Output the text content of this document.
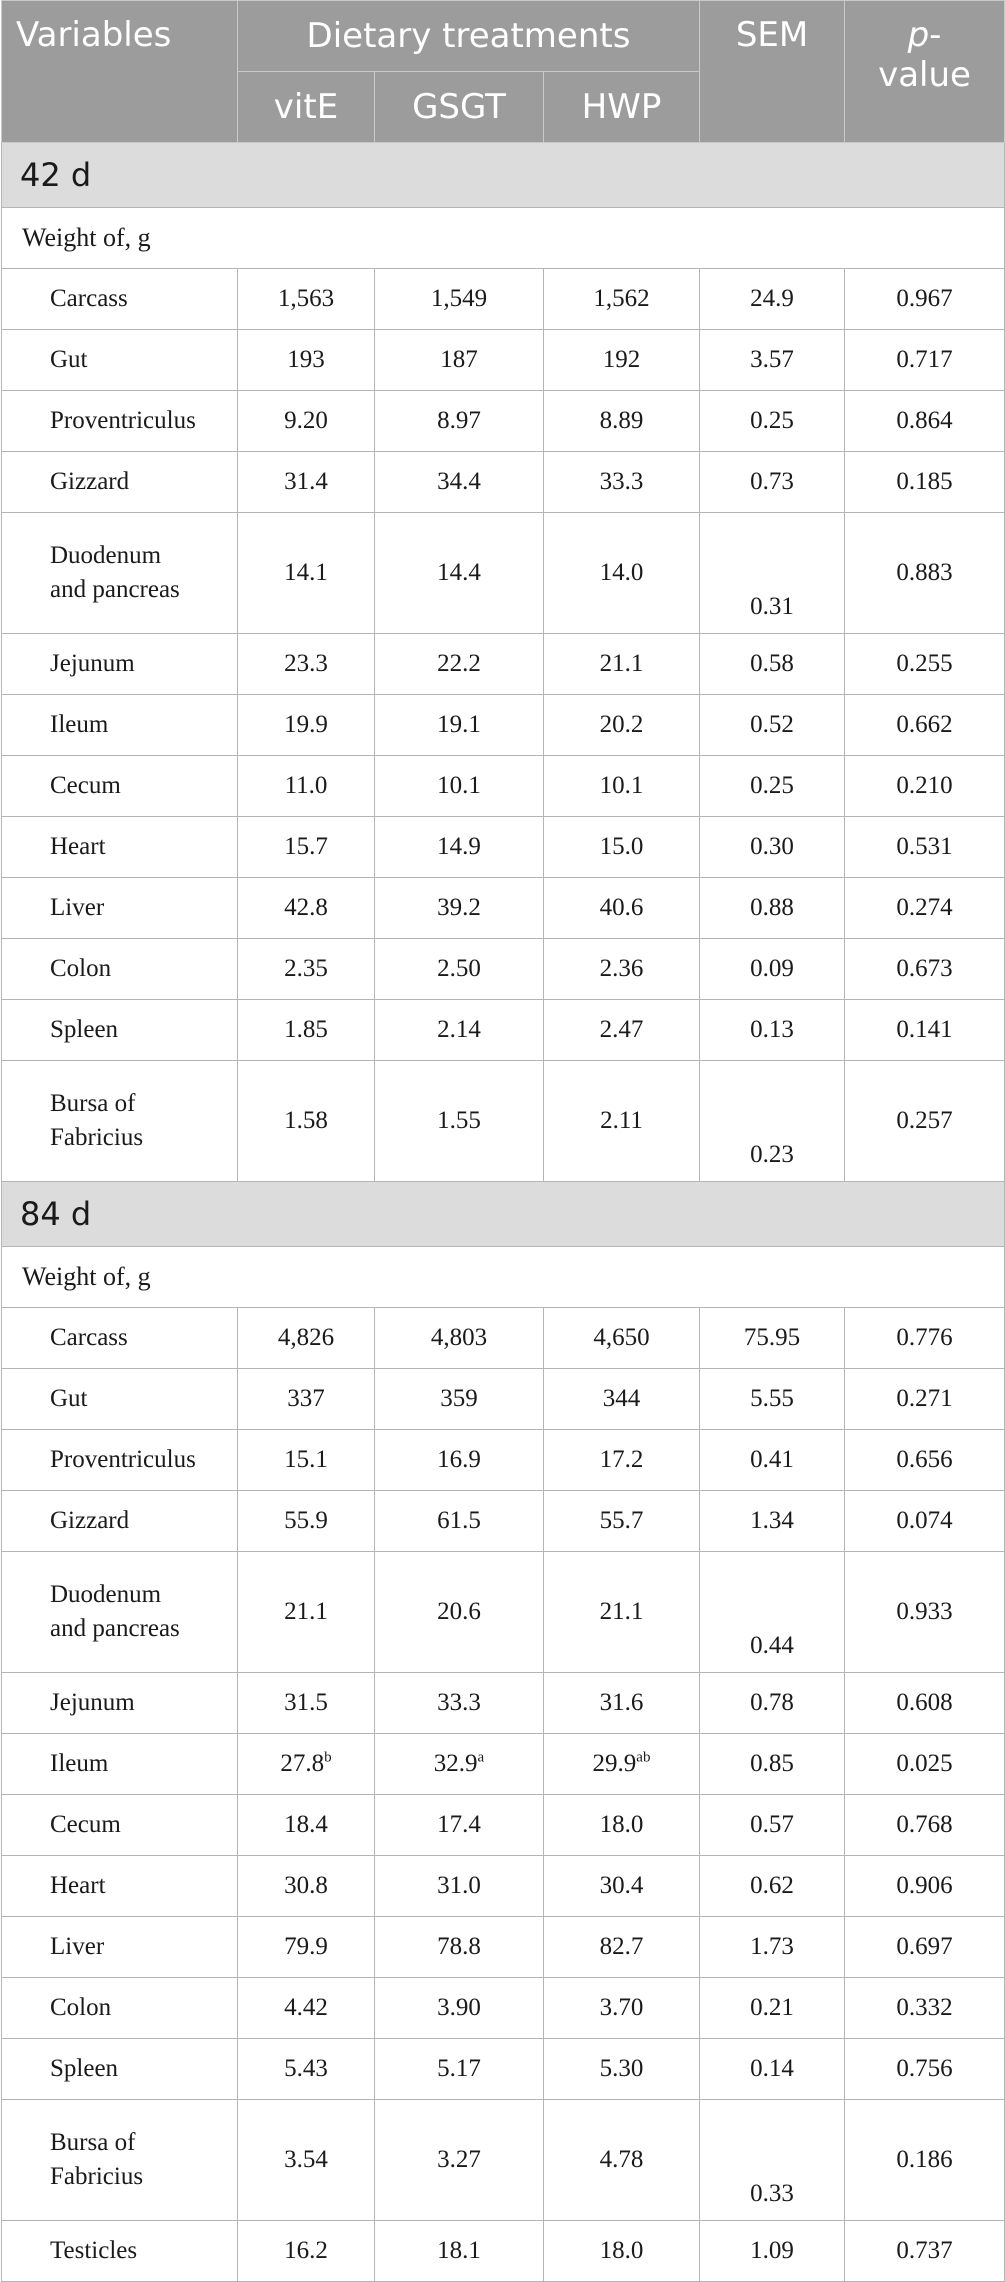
Variables	Dietary treatments			SEM	p-
value
	vitE	GSGT	HWP		
42 d					
Weight of, g					
Carcass	1,563	1,549	1,562	24.9	0.967
Gut	193	187	192	3.57	0.717
Proventriculus	9.20	8.97	8.89	0.25	0.864
Gizzard	31.4	34.4	33.3	0.73	0.185
Duodenum
and pancreas	14.1	14.4	14.0	0.31	0.883
Jejunum	23.3	22.2	21.1	0.58	0.255
Ileum	19.9	19.1	20.2	0.52	0.662
Cecum	11.0	10.1	10.1	0.25	0.210
Heart	15.7	14.9	15.0	0.30	0.531
Liver	42.8	39.2	40.6	0.88	0.274
Colon	2.35	2.50	2.36	0.09	0.673
Spleen	1.85	2.14	2.47	0.13	0.141
Bursa of
Fabricius	1.58	1.55	2.11	0.23	0.257
84 d					
Weight of, g					
Carcass	4,826	4,803	4,650	75.95	0.776
Gut	337	359	344	5.55	0.271
Proventriculus	15.1	16.9	17.2	0.41	0.656
Gizzard	55.9	61.5	55.7	1.34	0.074
Duodenum
and pancreas	21.1	20.6	21.1	0.44	0.933
Jejunum	31.5	33.3	31.6	0.78	0.608
Ileum	27.8$^b$	32.9$^a$	29.9$^{ab}$	0.85	0.025
Cecum	18.4	17.4	18.0	0.57	0.768
Heart	30.8	31.0	30.4	0.62	0.906
Liver	79.9	78.8	82.7	1.73	0.697
Colon	4.42	3.90	3.70	0.21	0.332
Spleen	5.43	5.17	5.30	0.14	0.756
Bursa of
Fabricius	3.54	3.27	4.78	0.33	0.186
Testicles	16.2	18.1	18.0	1.09	0.737
